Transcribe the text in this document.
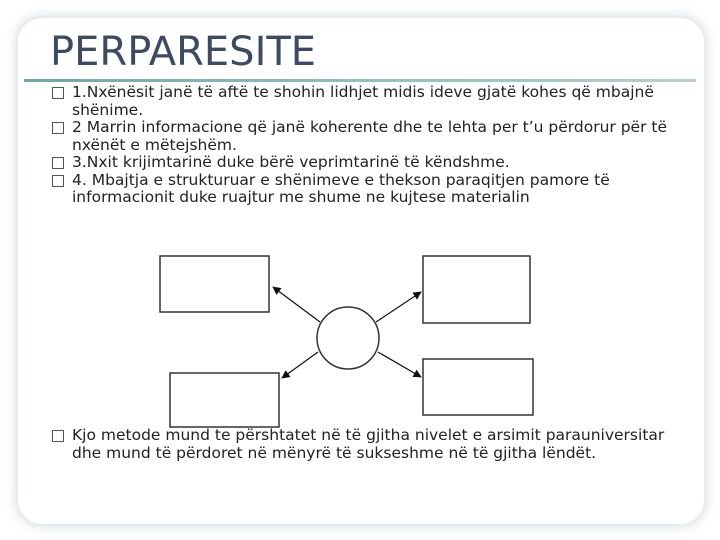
PERPARESITE

1.Nxënësit janë të aftë te shohin lidhjet midis ideve gjatë kohes që mbajnë shënime.

2 Marrin informacione që janë koherente dhe te lehta per t’u përdorur për të nxënët e mëtejshëm.

3.Nxit krijimtarinë duke bërë veprimtarinë të këndshme.

4. Mbajtja e strukturuar e shënimeve e thekson paraqitjen pamore të informacionit duke ruajtur me shume ne kujtese materialin

Kjo metode mund te përshtatet në të gjitha nivelet e arsimit parauniversitar dhe mund të përdoret në mënyrë të sukseshme në të gjitha lëndët.
